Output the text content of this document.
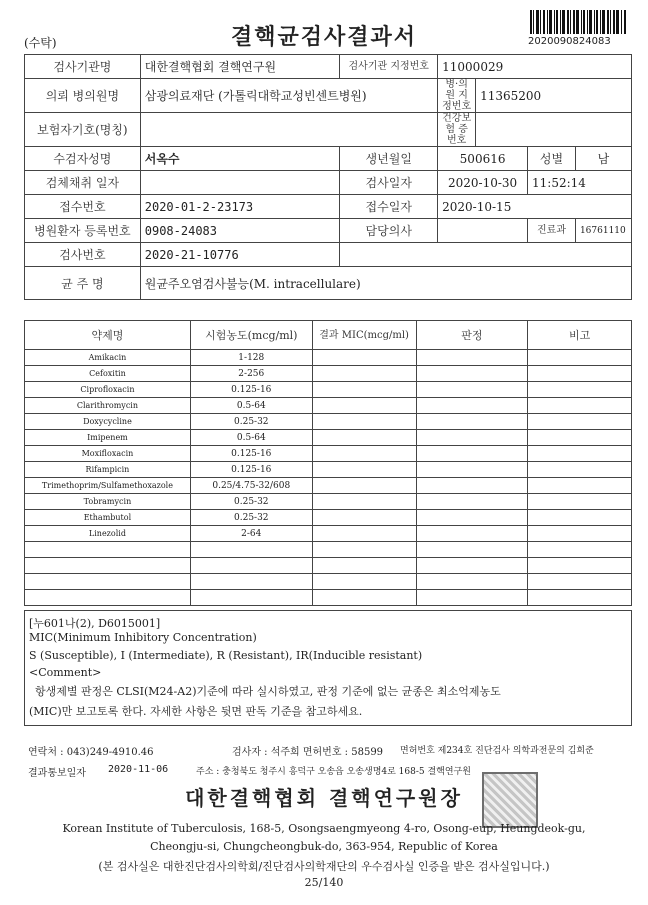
(수탁)	결핵균검사결과서	2020090824083
검사기관명	대한결핵협회 결핵연구원	검사기관 지정번호	11000029			
의뢰 병의원명	삼광의료재단 (가톨릭대학교성빈센트병원)		병·의원 지정번호	11365200		
보험자기호(명칭)			건강보험 증번호			
수검자성명	서옥수	생년월일	500616		성별	남
검체채취 일자		검사일자	2020-10-30		11:52:14	
접수번호	2020-01-2-23173	접수일자	2020-10-15			
병원환자 등록번호	0908-24083	담당의사			진료과	16761110
검사번호	2020-21-10776					
균 주 명	원균주오염검사불능(M. intracellulare)					
약제명	시험농도(mcg/ml)	결과 MIC(mcg/ml)	판정	비고
Amikacin	1-128			
Cefoxitin	2-256			
Ciprofloxacin	0.125-16			
Clarithromycin	0.5-64			
Doxycycline	0.25-32			
Imipenem	0.5-64			
Moxifloxacin	0.125-16			
Rifampicin	0.125-16			
Trimethoprim/Sulfamethoxazole	0.25/4.75-32/608			
Tobramycin	0.25-32			
Ethambutol	0.25-32			
Linezolid	2-64			

[누601나(2), D6015001]
MIC(Minimum Inhibitory Concentration)
S (Susceptible), I (Intermediate), R (Resistant), IR(Inducible resistant)
<Comment>
항생제별 판정은 CLSI(M24-A2)기준에 따라 실시하였고, 판정 기준에 없는 균종은 최소억제농도
(MIC)만 보고토록 한다. 자세한 사항은 뒷면 판독 기준을 참고하세요.
연락처 : 043)249-4910.46	검사자 : 석주희 면허번호 : 58599 면허번호 제234호 진단검사 의학과전문의 김희준
결과통보일자 2020-11-06	주소 : 충청북도 청주시 흥덕구 오송읍 오송생명4로 168-5 결핵연구원
대한결핵협회 결핵연구원장
Korean Institute of Tuberculosis, 168-5, Osongsaengmyeong 4-ro, Osong-eup, Heungdeok-gu,
Cheongju-si, Chungcheongbuk-do, 363-954, Republic of Korea
(본 검사실은 대한진단검사의학회/진단검사의학재단의 우수검사실 인증을 받은 검사실입니다.)
25/140
